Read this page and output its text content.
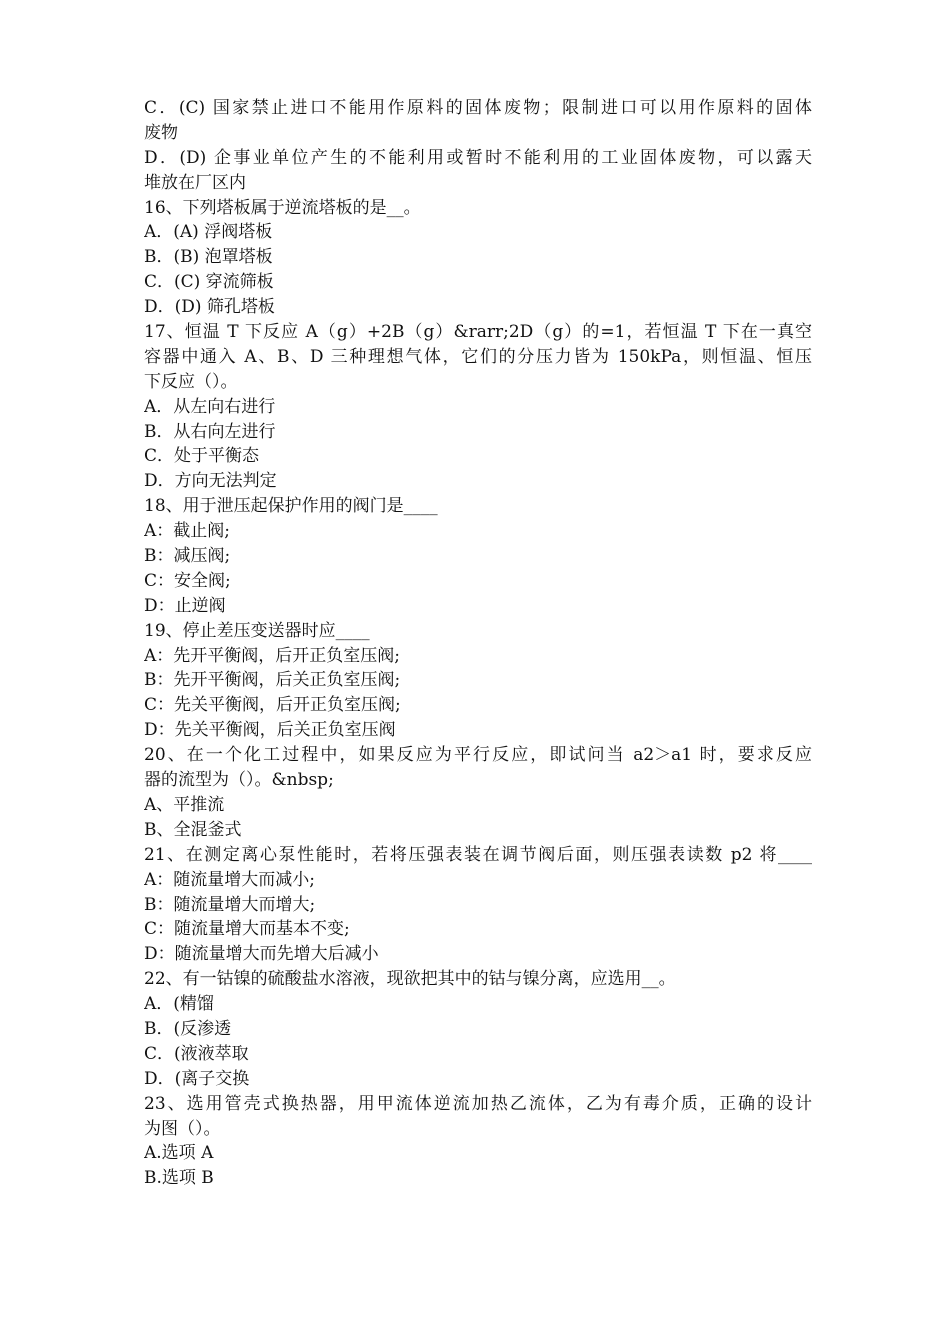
C．(C) 国家禁止进口不能用作原料的固体废物；限制进口可以用作原料的固体
废物
D．(D) 企事业单位产生的不能利用或暂时不能利用的工业固体废物，可以露天
堆放在厂区内
16、下列塔板属于逆流塔板的是__。
A．(A) 浮阀塔板
B．(B) 泡罩塔板
C．(C) 穿流筛板
D．(D) 筛孔塔板
17、恒温 T 下反应 A（g）+2B（g）&rarr;2D（g）的=1，若恒温 T 下在一真空
容器中通入 A、B、D 三种理想气体，它们的分压力皆为 150kPa，则恒温、恒压
下反应（）。
A．从左向右进行
B．从右向左进行
C．处于平衡态
D．方向无法判定
18、用于泄压起保护作用的阀门是____
A：截止阀;
B：减压阀;
C：安全阀;
D：止逆阀
19、停止差压变送器时应____
A：先开平衡阀，后开正负室压阀;
B：先开平衡阀，后关正负室压阀;
C：先关平衡阀，后开正负室压阀;
D：先关平衡阀，后关正负室压阀
20、在一个化工过程中，如果反应为平行反应，即试问当 a2＞a1 时，要求反应
器的流型为（）。&nbsp;
A、平推流
B、全混釜式
21、在测定离心泵性能时，若将压强表装在调节阀后面，则压强表读数 p2 将____
A：随流量增大而减小;
B：随流量增大而增大;
C：随流量增大而基本不变;
D：随流量增大而先增大后减小
22、有一钴镍的硫酸盐水溶液，现欲把其中的钴与镍分离，应选用__。
A．(精馏
B．(反渗透
C．(液液萃取
D．(离子交换
23、选用管壳式换热器，用甲流体逆流加热乙流体，乙为有毒介质，正确的设计
为图（）。
A.选项 A
B.选项 B
